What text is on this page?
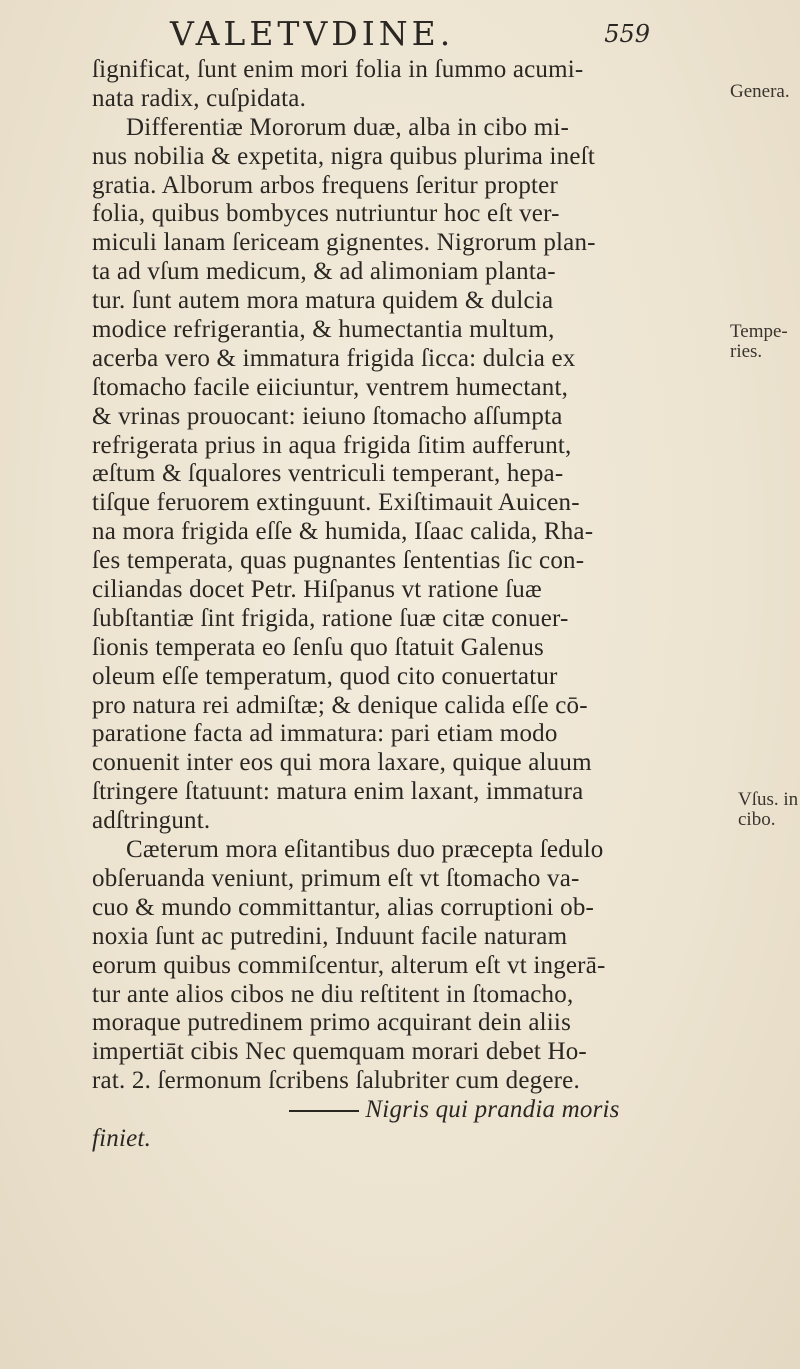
VALETVDINE.	559
ſignificat, ſunt enim mori folia in ſummo acumi-
nata radix, cuſpidata.
Differentiæ Mororum duæ, alba in cibo mi-
nus nobilia & expetita, nigra quibus plurima ineſt
gratia. Alborum arbos frequens ſeritur propter
folia, quibus bombyces nutriuntur hoc eſt ver-
miculi lanam ſericeam gignentes. Nigrorum plan-
ta ad vſum medicum, & ad alimoniam planta-
tur. ſunt autem mora matura quidem & dulcia
modice refrigerantia, & humectantia multum,
acerba vero & immatura frigida ſicca: dulcia ex
ſtomacho facile eiiciuntur, ventrem humectant,
& vrinas prouocant: ieiuno ſtomacho aſſumpta
refrigerata prius in aqua frigida ſitim aufferunt,
æſtum & ſqualores ventriculi temperant, hepa-
tiſque feruorem extinguunt. Exiſtimauit Auicen-
na mora frigida eſſe & humida, Iſaac calida, Rha-
ſes temperata, quas pugnantes ſententias ſic con-
ciliandas docet Petr. Hiſpanus vt ratione ſuæ
ſubſtantiæ ſint frigida, ratione ſuæ citæ conuer-
ſionis temperata eo ſenſu quo ſtatuit Galenus
oleum eſſe temperatum, quod cito conuertatur
pro natura rei admiſtæ; & denique calida eſſe cō-
paratione facta ad immatura: pari etiam modo
conuenit inter eos qui mora laxare, quique aluum
ſtringere ſtatuunt: matura enim laxant, immatura
adſtringunt.
Cæterum mora eſitantibus duo præcepta ſedulo
obſeruanda veniunt, primum eſt vt ſtomacho va-
cuo & mundo committantur, alias corruptioni ob-
noxia ſunt ac putredini, Induunt facile naturam
eorum quibus commiſcentur, alterum eſt vt ingerā-
tur ante alios cibos ne diu reſtitent in ſtomacho,
moraque putredinem primo acquirant dein aliis
impertiāt cibis Nec quemquam morari debet Ho-
rat. 2. ſermonum ſcribens ſalubriter cum degere.
Nigris qui prandia moris
finiet.
Genera.
Tempe-
ries.
Vſus. in
cibo.
